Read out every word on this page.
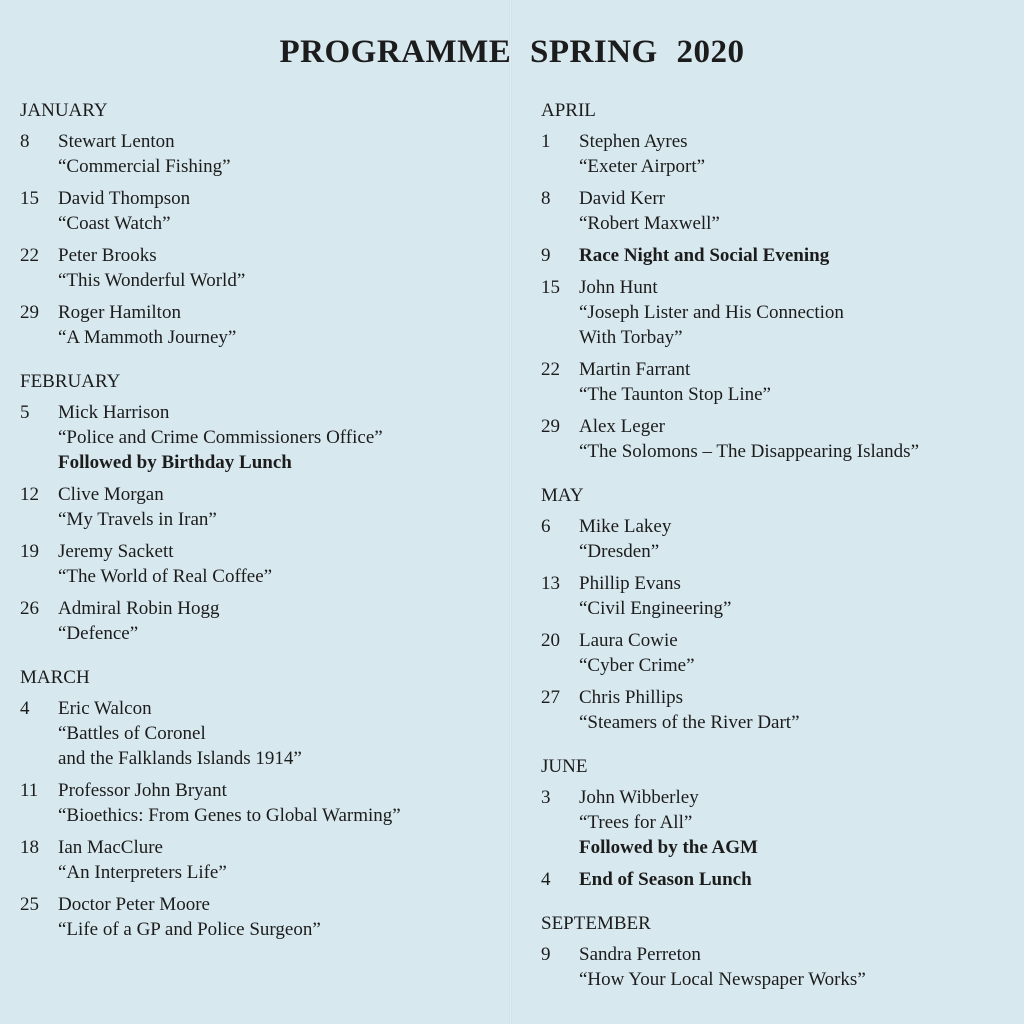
PROGRAMME SPRING 2020
JANUARY
8	Stewart Lenton
“Commercial Fishing”
15	David Thompson
“Coast Watch”
22	Peter Brooks
“This Wonderful World”
29	Roger Hamilton
“A Mammoth Journey”
FEBRUARY
5	Mick Harrison
“Police and Crime Commissioners Office”
Followed by Birthday Lunch
12	Clive Morgan
“My Travels in Iran”
19	Jeremy Sackett
“The World of Real Coffee”
26	Admiral Robin Hogg
“Defence”
MARCH
4	Eric Walcon
“Battles of Coronel
and the Falklands Islands 1914”
11	Professor John Bryant
“Bioethics: From Genes to Global Warming”
18	Ian MacClure
“An Interpreters Life”
25	Doctor Peter Moore
“Life of a GP and Police Surgeon”
APRIL
1	Stephen Ayres
“Exeter Airport”
8	David Kerr
“Robert Maxwell”
9	Race Night and Social Evening
15	John Hunt
“Joseph Lister and His Connection
With Torbay”
22	Martin Farrant
“The Taunton Stop Line”
29	Alex Leger
“The Solomons – The Disappearing Islands”
MAY
6	Mike Lakey
“Dresden”
13	Phillip Evans
“Civil Engineering”
20	Laura Cowie
“Cyber Crime”
27	Chris Phillips
“Steamers of the River Dart”
JUNE
3	John Wibberley
“Trees for All”
Followed by the AGM
4	End of Season Lunch
SEPTEMBER
9	Sandra Perreton
“How Your Local Newspaper Works”
